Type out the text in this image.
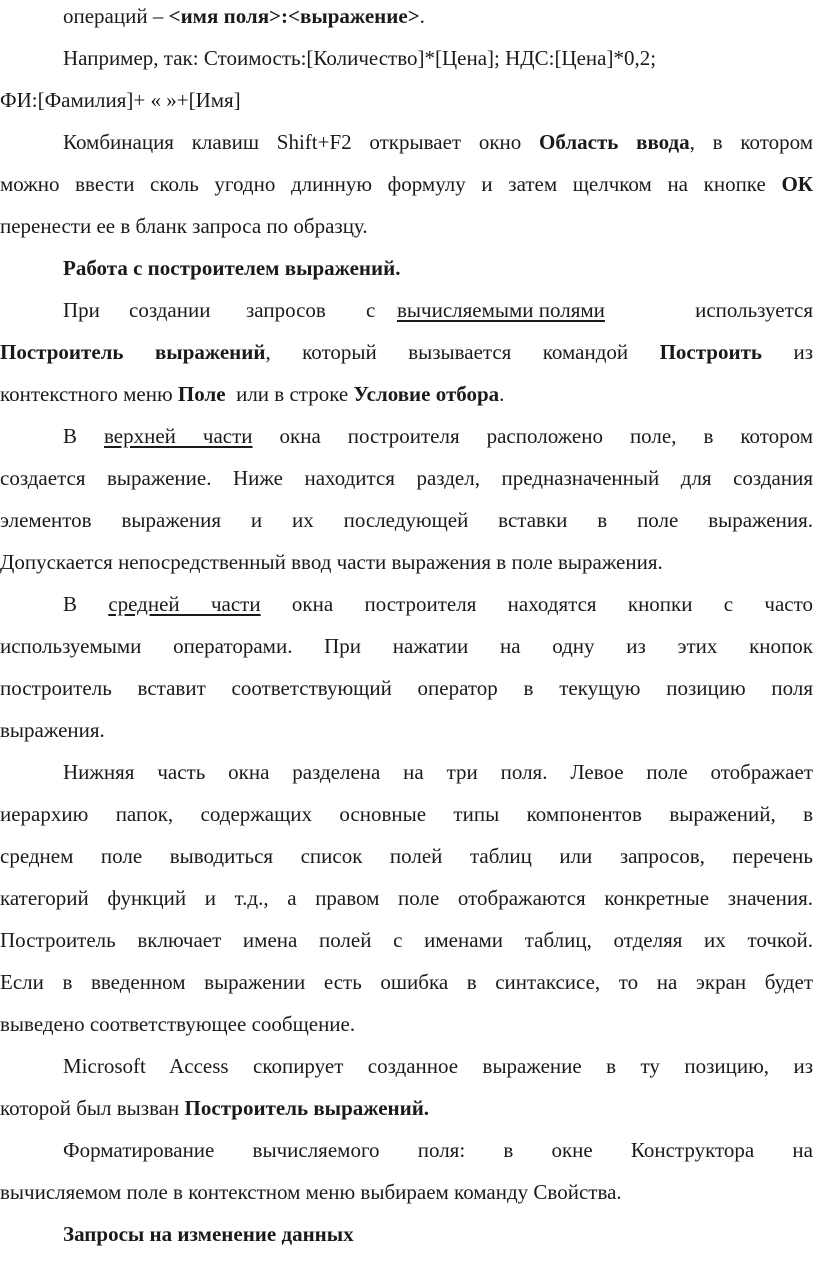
операций – <имя поля>:<выражение>.
Например, так: Стоимость:[Количество]*[Цена]; НДС:[Цена]*0,2;
ФИ:[Фамилия]+ « »+[Имя]
Комбинация клавиш Shift+F2 открывает окно Область ввода, в котором
можно ввести сколь угодно длинную формулу и затем щелчком на кнопке ОК
перенести ее в бланк запроса по образцу.
Работа с построителем выражений.
При создании запросов с вычисляемыми полями	используется
Построитель выражений, который вызывается командой Построить из
контекстного меню Поле  или в строке Условие отбора.
В верхней части окна построителя расположено поле, в котором
создается выражение. Ниже находится раздел, предназначенный для создания
элементов выражения и их последующей вставки в поле выражения.
Допускается непосредственный ввод части выражения в поле выражения.
В средней части окна построителя находятся кнопки с часто
используемыми операторами. При нажатии на одну из этих кнопок
построитель вставит соответствующий оператор в текущую позицию поля
выражения.
Нижняя часть окна разделена на три поля. Левое поле отображает
иерархию папок, содержащих основные типы компонентов выражений, в
среднем поле выводиться список полей таблиц или запросов, перечень
категорий функций и т.д., а правом поле отображаются конкретные значения.
Построитель включает имена полей с именами таблиц, отделяя их точкой.
Если в введенном выражении есть ошибка в синтаксисе, то на экран будет
выведено соответствующее сообщение.
Microsoft Access скопирует созданное выражение в ту позицию, из
которой был вызван Построитель выражений.
Форматирование вычисляемого поля: в окне Конструктора на
вычисляемом поле в контекстном меню выбираем команду Свойства.
Запросы на изменение данных
